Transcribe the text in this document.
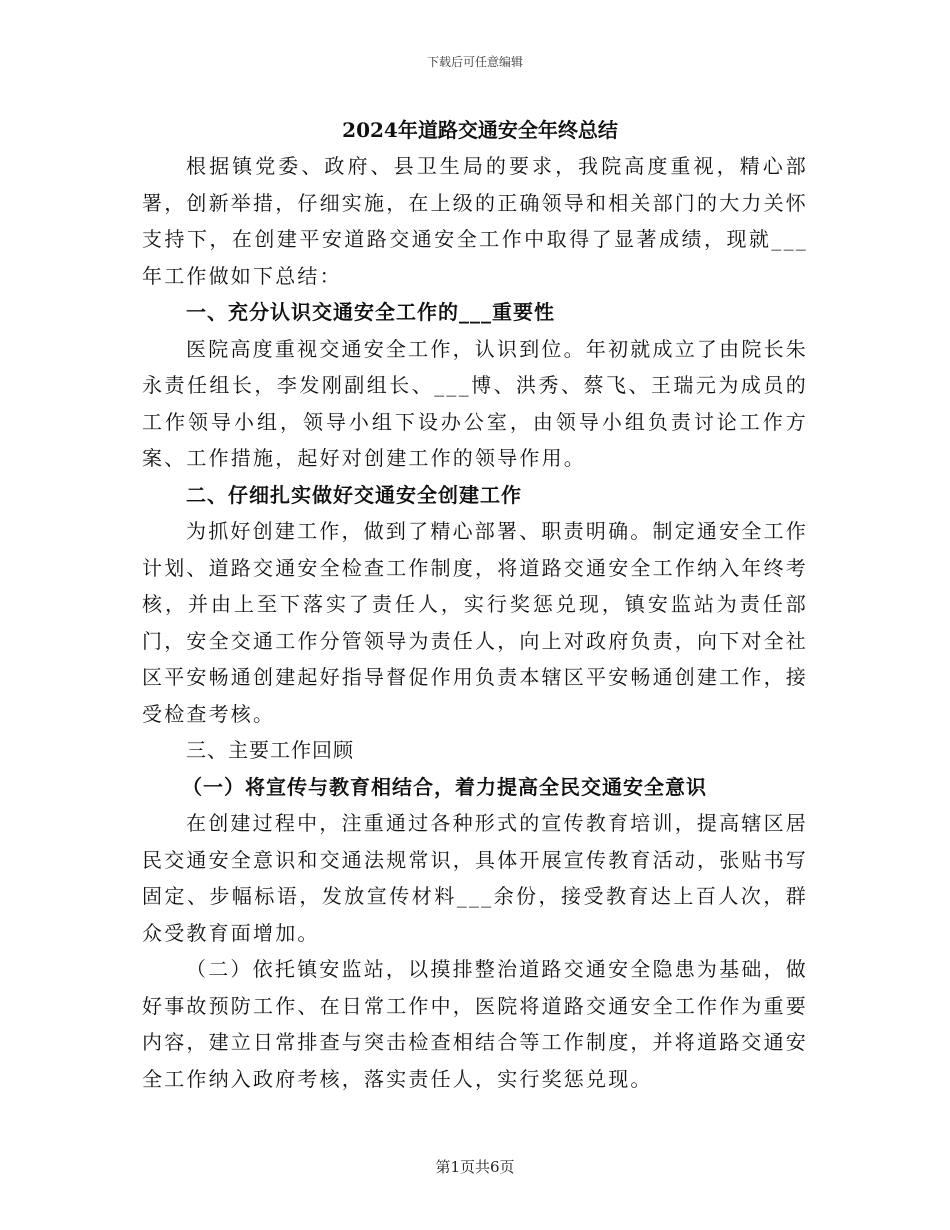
下载后可任意编辑

2024年道路交通安全年终总结

根据镇党委、政府、县卫生局的要求，我院高度重视，精心部署，创新举措，仔细实施，在上级的正确领导和相关部门的大力关怀支持下，在创建平安道路交通安全工作中取得了显著成绩，现就___年工作做如下总结：

一、充分认识交通安全工作的___重要性

医院高度重视交通安全工作，认识到位。年初就成立了由院长朱永责任组长，李发刚副组长、___博、洪秀、蔡飞、王瑞元为成员的工作领导小组，领导小组下设办公室，由领导小组负责讨论工作方案、工作措施，起好对创建工作的领导作用。

二、仔细扎实做好交通安全创建工作

为抓好创建工作，做到了精心部署、职责明确。制定通安全工作计划、道路交通安全检查工作制度，将道路交通安全工作纳入年终考核，并由上至下落实了责任人，实行奖惩兑现，镇安监站为责任部门，安全交通工作分管领导为责任人，向上对政府负责，向下对全社区平安畅通创建起好指导督促作用负责本辖区平安畅通创建工作，接受检查考核。

三、主要工作回顾

（一）将宣传与教育相结合，着力提高全民交通安全意识

在创建过程中，注重通过各种形式的宣传教育培训，提高辖区居民交通安全意识和交通法规常识，具体开展宣传教育活动，张贴书写固定、步幅标语，发放宣传材料___余份，接受教育达上百人次，群众受教育面增加。

（二）依托镇安监站，以摸排整治道路交通安全隐患为基础，做好事故预防工作、在日常工作中，医院将道路交通安全工作作为重要内容，建立日常排查与突击检查相结合等工作制度，并将道路交通安全工作纳入政府考核，落实责任人，实行奖惩兑现。

第1页共6页
